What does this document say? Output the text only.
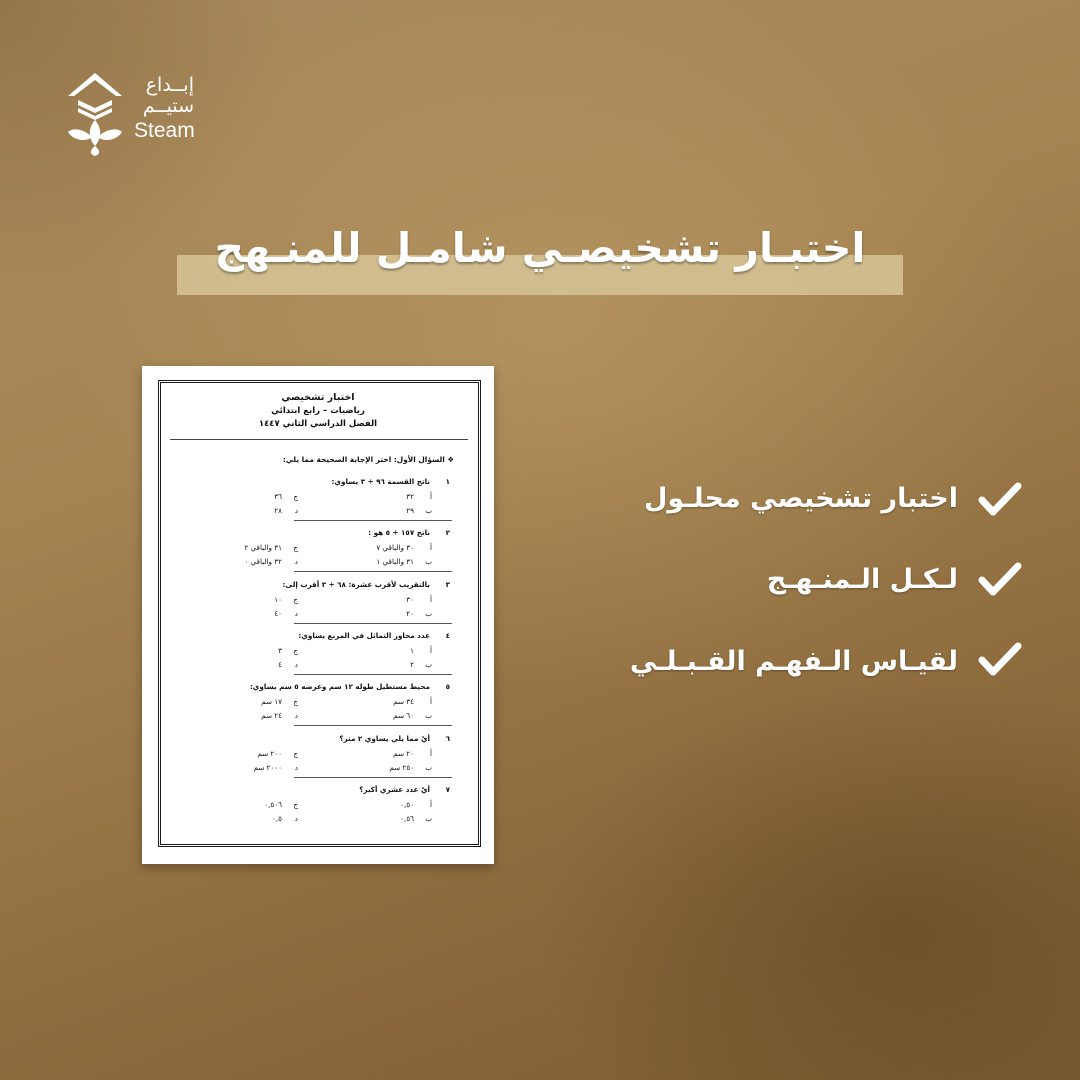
إبــداع
ستيــم
Steam
اختبـار تشخيصـي شامـل للمنـهج
اختبار تشخيصي
رياضيات – رابع ابتدائي
الفصل الدراسي الثاني ١٤٤٧
❖ السؤال الأول: اختر الإجابة الصحيحة مما يلي:
١
ناتج القسمة ٩٦ ÷ ٣ يساوي:
أ
٣٢
ب
٢٩
ج
٣٦
د
٢٨
٢
ناتج ١٥٧ ÷ ٥ هو :
أ
٣٠ والباقي ٧
ب
٣١ والباقي ١
ج
٣١ والباقي ٢
د
٣٢ والباقي ٠
٣
بالتقريب لأقرب عشرة: ٦٨ ÷ ٣ أقرب إلى:
أ
٣٠
ب
٢٠
ج
١٠
د
٤٠
٤
عدد محاور التماثل في المربع يساوي:
أ
١
ب
٢
ج
٣
د
٤
٥
محيط مستطيل طوله ١٢ سم وعرضه ٥ سم يساوي:
أ
٣٤ سم
ب
٦٠ سم
ج
١٧ سم
د
٢٤ سم
٦
أيٌ مما يلي يساوي ٢ متر؟
أ
٢٠ سم
ب
٢٥٠ سم
ج
٢٠٠ سم
د
٢٠٠٠ سم
٧
أيٌ عدد عشري أكبر؟
أ
٠,٥٠
ب
٠,٥٦
ج
٠,٥٠٦
د
٠,٥
اختبار تشخيصي محلـول
لـكـل الـمنـهـج
لقيـاس الـفهـم القـبـلـي
